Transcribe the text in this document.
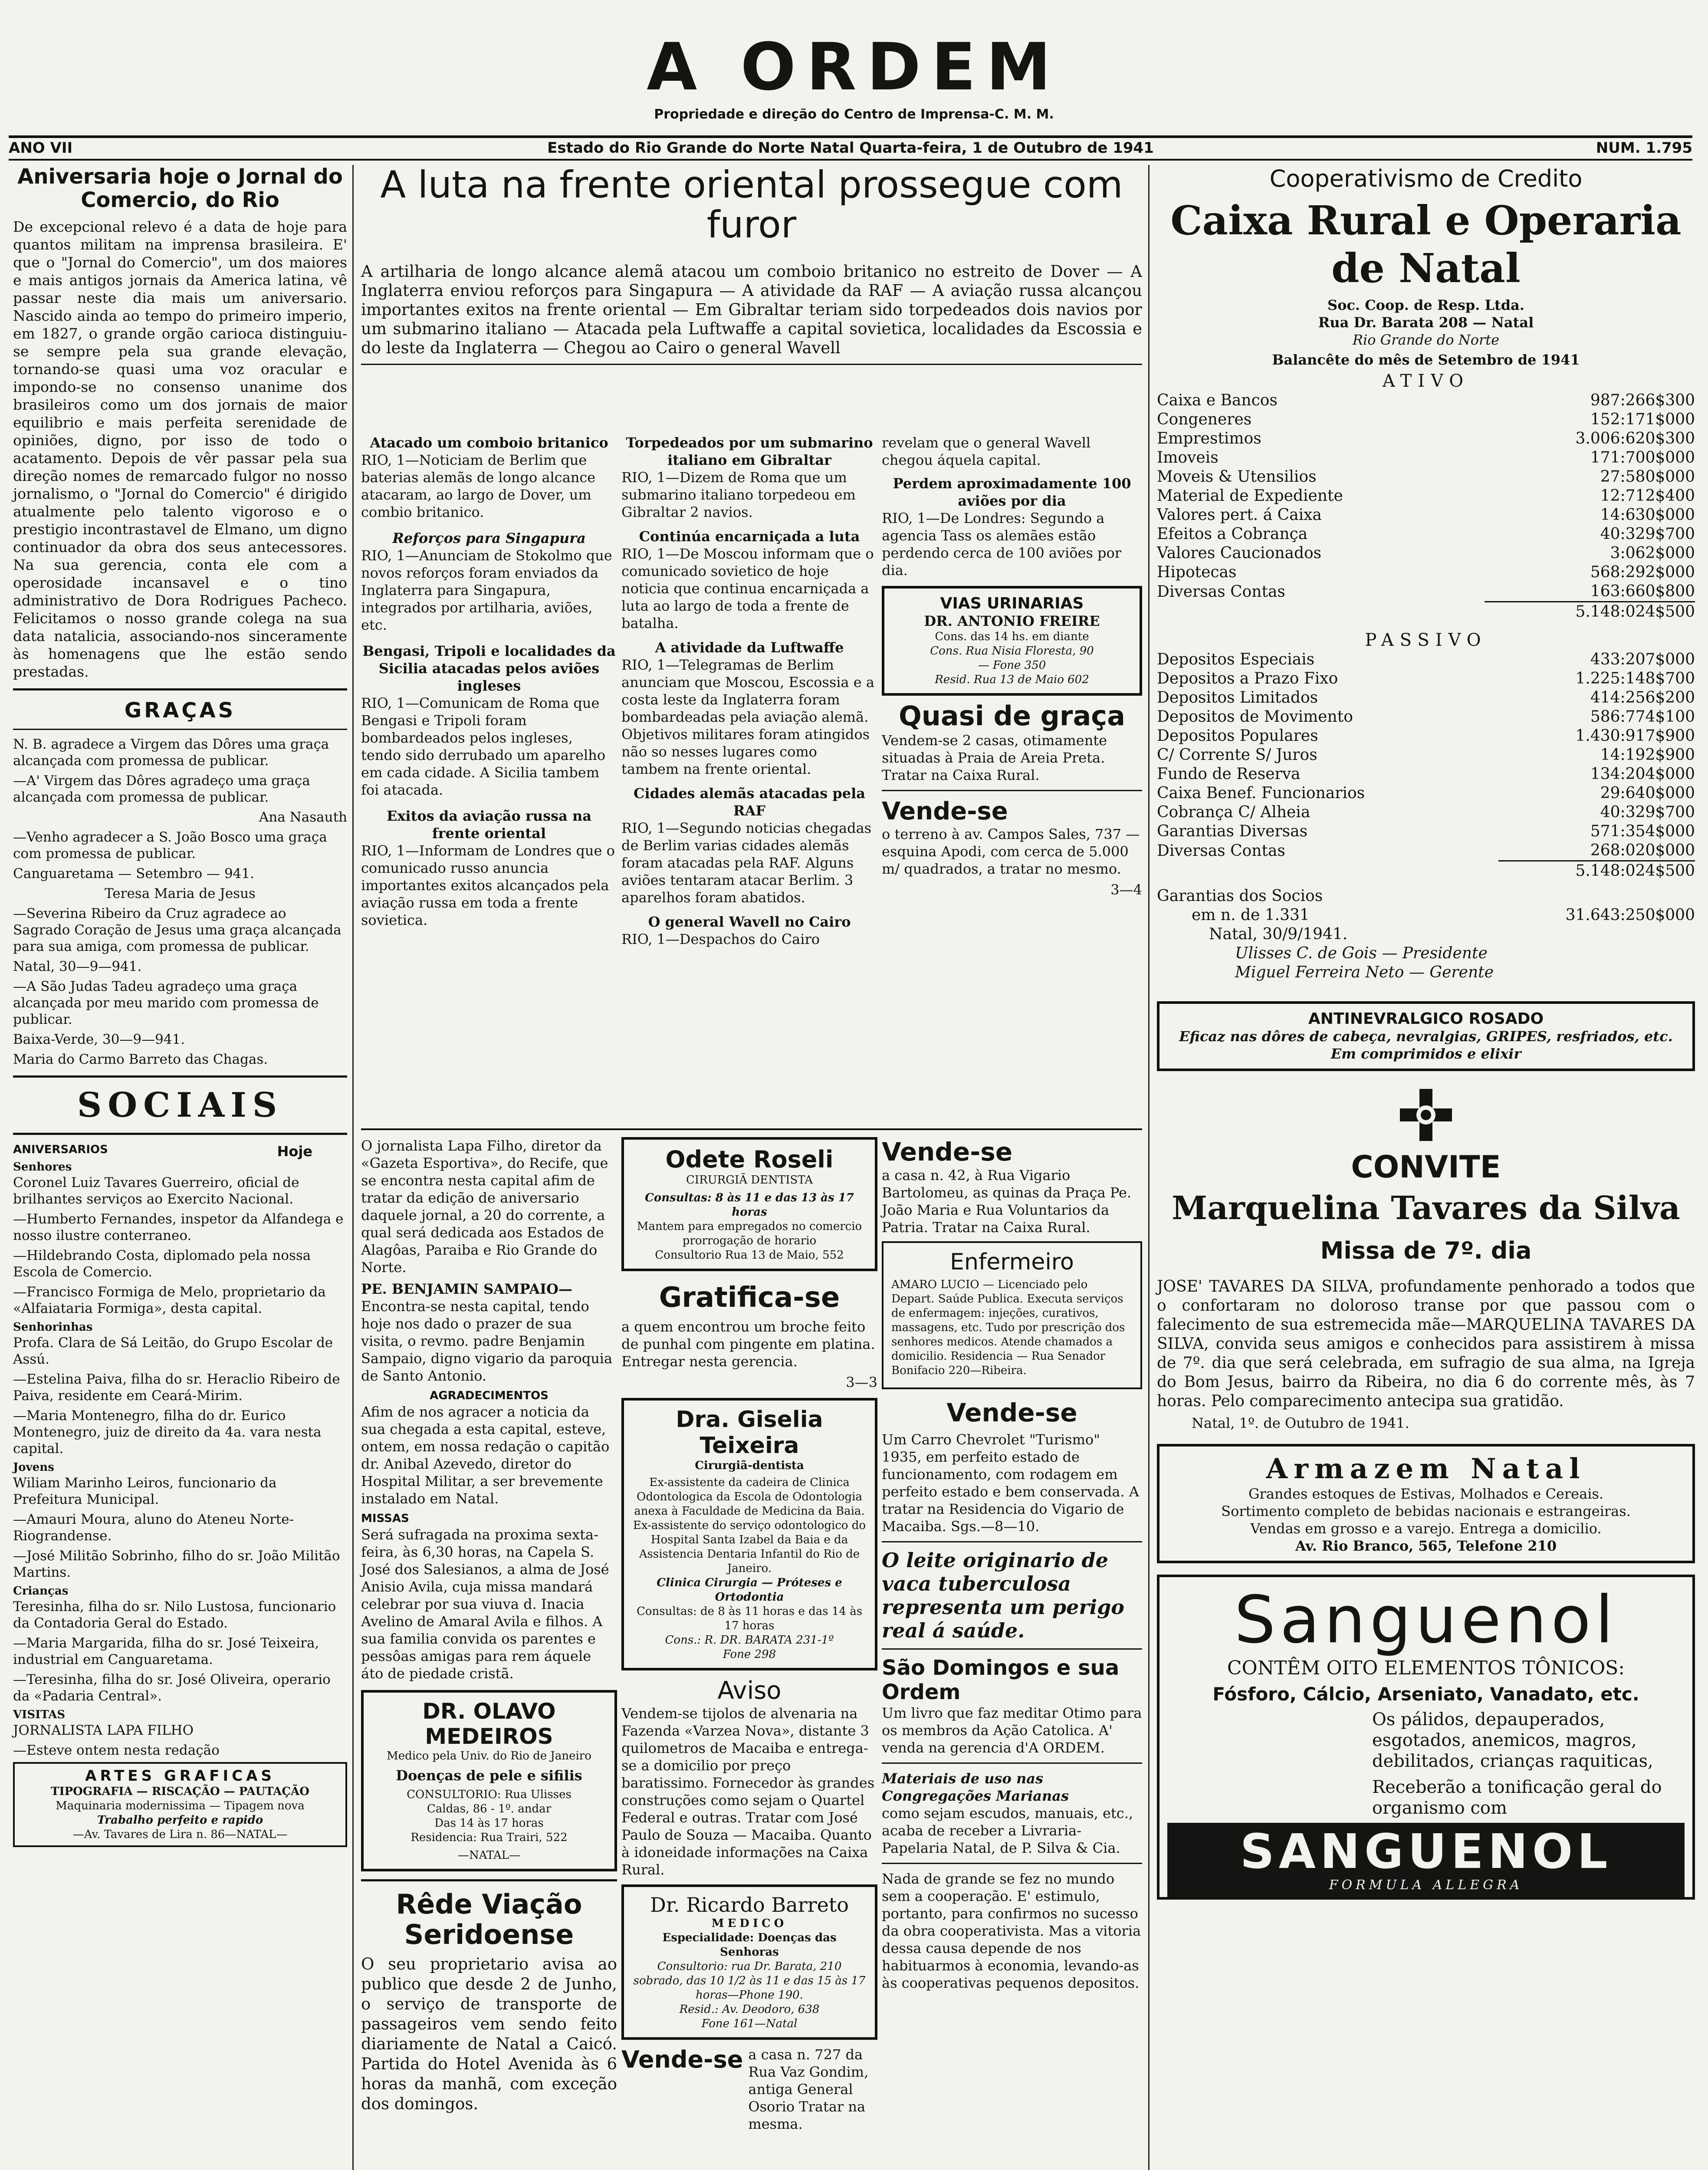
A ORDEM
Propriedade e direção do Centro de Imprensa-C. M. M.
ANO VII	Estado do Rio Grande do Norte Natal Quarta-feira, 1 de Outubro de 1941	NUM. 1.795
Aniversaria hoje o Jornal do Comercio, do Rio
De excepcional relevo é a data de hoje para quantos militam na imprensa brasileira. E' que o "Jornal do Comercio", um dos maiores e mais antigos jornais da America latina, vê passar neste dia mais um aniversario. Nascido ainda ao tempo do primeiro imperio, em 1827, o grande orgão carioca distinguiu-se sempre pela sua grande elevação, tornando-se quasi uma voz oracular e impondo-se no consenso unanime dos brasileiros como um dos jornais de maior equilibrio e mais perfeita serenidade de opiniões, digno, por isso de todo o acatamento. Depois de vêr passar pela sua direção nomes de remarcado fulgor no nosso jornalismo, o "Jornal do Comercio" é dirigido atualmente pelo talento vigoroso e o prestigio incontrastavel de Elmano, um digno continuador da obra dos seus antecessores. Na sua gerencia, conta ele com a operosidade incansavel e o tino administrativo de Dora Rodrigues Pacheco. Felicitamos o nosso grande colega na sua data natalicia, associando-nos sinceramente às homenagens que lhe estão sendo prestadas.
GRAÇAS

N. B. agradece a Virgem das Dôres uma graça alcançada com promessa de publicar.

—A' Virgem das Dôres agradeço uma graça alcançada com promessa de publicar.

Ana Nasauth

—Venho agradecer a S. João Bosco uma graça com promessa de publicar.

Canguaretama — Setembro — 941.

Teresa Maria de Jesus

—Severina Ribeiro da Cruz agradece ao Sagrado Coração de Jesus uma graça alcançada para sua amiga, com promessa de publicar.

Natal, 30—9—941.

—A São Judas Tadeu agradeço uma graça alcançada por meu marido com promessa de publicar.

Baixa-Verde, 30—9—941.

Maria do Carmo Barreto das Chagas.

SOCIAIS
ANIVERSARIOS	Hoje
Senhores

Coronel Luiz Tavares Guerreiro, oficial de brilhantes serviços ao Exercito Nacional.

—Humberto Fernandes, inspetor da Alfandega e nosso ilustre conterraneo.

—Hildebrando Costa, diplomado pela nossa Escola de Comercio.

—Francisco Formiga de Melo, proprietario da «Alfaiataria Formiga», desta capital.

Senhorinhas

Profa. Clara de Sá Leitão, do Grupo Escolar de Assú.

—Estelina Paiva, filha do sr. Heraclio Ribeiro de Paiva, residente em Ceará-Mirim.

—Maria Montenegro, filha do dr. Eurico Montenegro, juiz de direito da 4a. vara nesta capital.

Jovens

Wiliam Marinho Leiros, funcionario da Prefeitura Municipal.

—Amauri Moura, aluno do Ateneu Norte-Riograndense.

—José Militão Sobrinho, filho do sr. João Militão Martins.

Crianças

Teresinha, filha do sr. Nilo Lustosa, funcionario da Contadoria Geral do Estado.

—Maria Margarida, filha do sr. José Teixeira, industrial em Canguaretama.

—Teresinha, filha do sr. José Oliveira, operario da «Padaria Central».

VISITAS

JORNALISTA LAPA FILHO

—Esteve ontem nesta redação

ARTES GRAFICAS
TIPOGRAFIA — RISCAÇÃO — PAUTAÇÃO
Maquinaria modernissima — Tipagem nova
Trabalho perfeito e rapido
—Av. Tavares de Lira n. 86—NATAL—
A luta na frente oriental prossegue com furor
A artilharia de longo alcance alemã atacou um comboio britanico no estreito de Dover — A Inglaterra enviou reforços para Singapura — A atividade da RAF — A aviação russa alcançou importantes exitos na frente oriental — Em Gibraltar teriam sido torpedeados dois navios por um submarino italiano — Atacada pela Luftwaffe a capital sovietica, localidades da Escossia e do leste da Inglaterra — Chegou ao Cairo o general Wavell
Atacado um comboio britanico

RIO, 1—Noticiam de Berlim que baterias alemãs de longo alcance atacaram, ao largo de Dover, um combio britanico.

Reforços para Singapura

RIO, 1—Anunciam de Stokolmo que novos reforços foram enviados da Inglaterra para Singapura, integrados por artilharia, aviões, etc.

Bengasi, Tripoli e localidades da Sicilia atacadas pelos aviões ingleses

RIO, 1—Comunicam de Roma que Bengasi e Tripoli foram bombardeados pelos ingleses, tendo sido derrubado um aparelho em cada cidade. A Sicilia tambem foi atacada.

Exitos da aviação russa na frente oriental

RIO, 1—Informam de Londres que o comunicado russo anuncia importantes exitos alcançados pela aviação russa em toda a frente sovietica.

Torpedeados por um submarino italiano em Gibraltar

RIO, 1—Dizem de Roma que um submarino italiano torpedeou em Gibraltar 2 navios.

Continúa encarniçada a luta

RIO, 1—De Moscou informam que o comunicado sovietico de hoje noticia que continua encarniçada a luta ao largo de toda a frente de batalha.

A atividade da Luftwaffe

RIO, 1—Telegramas de Berlim anunciam que Moscou, Escossia e a costa leste da Inglaterra foram bombardeadas pela aviação alemã. Objetivos militares foram atingidos não so nesses lugares como tambem na frente oriental.

Cidades alemãs atacadas pela RAF

RIO, 1—Segundo noticias chegadas de Berlim varias cidades alemãs foram atacadas pela RAF. Alguns aviões tentaram atacar Berlim. 3 aparelhos foram abatidos.

O general Wavell no Cairo

RIO, 1—Despachos do Cairo

revelam que o general Wavell chegou áquela capital.

Perdem aproximadamente 100 aviões por dia

RIO, 1—De Londres: Segundo a agencia Tass os alemães estão perdendo cerca de 100 aviões por dia.

VIAS URINARIAS
DR. ANTONIO FREIRE
Cons. das 14 hs. em diante
Cons. Rua Nisia Floresta, 90
— Fone 350
Resid. Rua 13 de Maio 602
Quasi de graça

Vendem-se 2 casas, otimamente situadas à Praia de Areia Preta. Tratar na Caixa Rural.

Vende-se

o terreno à av. Campos Sales, 737 — esquina Apodi, com cerca de 5.000 m/ quadrados, a tratar no mesmo.

3—4

O jornalista Lapa Filho, diretor da «Gazeta Esportiva», do Recife, que se encontra nesta capital afim de tratar da edição de aniversario daquele jornal, a 20 do corrente, a qual será dedicada aos Estados de Alagôas, Paraiba e Rio Grande do Norte.

PE. BENJAMIN SAMPAIO—

Encontra-se nesta capital, tendo hoje nos dado o prazer de sua visita, o revmo. padre Benjamin Sampaio, digno vigario da paroquia de Santo Antonio.

AGRADECIMENTOS

Afim de nos agracer a noticia da sua chegada a esta capital, esteve, ontem, em nossa redação o capitão dr. Anibal Azevedo, diretor do Hospital Militar, a ser brevemente instalado em Natal.

MISSAS

Será sufragada na proxima sexta-feira, às 6,30 horas, na Capela S. José dos Salesianos, a alma de José Anisio Avila, cuja missa mandará celebrar por sua viuva d. Inacia Avelino de Amaral Avila e filhos. A sua familia convida os parentes e pessôas amigas para rem áquele áto de piedade cristã.

DR. OLAVO MEDEIROS
Medico pela Univ. do Rio de Janeiro
Doenças de pele e sifilis
CONSULTORIO: Rua Ulisses
Caldas, 86 - 1º. andar
Das 14 às 17 horas
Residencia: Rua Trairi, 522
—NATAL—
Rêde Viação Seridoense

O seu proprietario avisa ao publico que desde 2 de Junho, o serviço de transporte de passageiros vem sendo feito diariamente de Natal a Caicó. Partida do Hotel Avenida às 6 horas da manhã, com exceção dos domingos.

Odete Roseli
CIRURGIÃ DENTISTA
Consultas: 8 às 11 e das 13 às 17 horas
Mantem para empregados no comercio prorrogação de horario
Consultorio Rua 13 de Maio, 552
Gratifica-se

a quem encontrou um broche feito de punhal com pingente em platina. Entregar nesta gerencia.

3—3
Dra. Giselia Teixeira
Cirurgiã-dentista
Ex-assistente da cadeira de Clinica Odontologica da Escola de Odontologia anexa à Faculdade de Medicina da Baia. Ex-assistente do serviço odontologico do Hospital Santa Izabel da Baia e da Assistencia Dentaria Infantil do Rio de Janeiro.
Clinica Cirurgia — Próteses e Ortodontia
Consultas: de 8 às 11 horas e das 14 às 17 horas
Cons.: R. DR. BARATA 231-1º
Fone 298
Aviso

Vendem-se tijolos de alvenaria na Fazenda «Varzea Nova», distante 3 quilometros de Macaiba e entrega-se a domicilio por preço baratissimo. Fornecedor às grandes construções como sejam o Quartel Federal e outras. Tratar com José Paulo de Souza — Macaiba. Quanto à idoneidade informações na Caixa Rural.

Dr. Ricardo Barreto
MEDICO
Especialidade: Doenças das Senhoras
Consultorio: rua Dr. Barata, 210 sobrado, das 10 1/2 às 11 e das 15 às 17 horas—Phone 190.
Resid.: Av. Deodoro, 638
Fone 161—Natal
Vende-se a casa n. 727 da Rua Vaz Gondim, antiga General Osorio Tratar na mesma.
Vende-se

a casa n. 42, à Rua Vigario Bartolomeu, as quinas da Praça Pe. João Maria e Rua Voluntarios da Patria. Tratar na Caixa Rural.

Enfermeiro

AMARO LUCIO — Licenciado pelo Depart. Saúde Publica. Executa serviços de enfermagem: injeções, curativos, massagens, etc. Tudo por prescrição dos senhores medicos. Atende chamados a domicilio. Residencia — Rua Senador Bonifacio 220—Ribeira.

Vende-se

Um Carro Chevrolet "Turismo" 1935, em perfeito estado de funcionamento, com rodagem em perfeito estado e bem conservada. A tratar na Residencia do Vigario de Macaiba. Sgs.—8—10.

O leite originario de vaca tuberculosa representa um perigo real á saúde.

São Domingos e sua Ordem

Um livro que faz meditar Otimo para os membros da Ação Catolica. A' venda na gerencia d'A ORDEM.

Materiais de uso nas Congregações Marianas

como sejam escudos, manuais, etc., acaba de receber a Livraria-Papelaria Natal, de P. Silva & Cia.

Nada de grande se fez no mundo sem a cooperação. E' estimulo, portanto, para confirmos no sucesso da obra cooperativista. Mas a vitoria dessa causa depende de nos habituarmos à economia, levando-as às cooperativas pequenos depositos.

Cooperativismo de Credito
Caixa Rural e Operaria de Natal
Soc. Coop. de Resp. Ltda.
Rua Dr. Barata 208 — Natal
Rio Grande do Norte
Balancête do mês de Setembro de 1941
ATIVO
Caixa e Bancos	987:266$300
Congeneres	152:171$000
Emprestimos	3.006:620$300
Imoveis	171:700$000
Moveis & Utensilios	27:580$000
Material de Expediente	12:712$400
Valores pert. á Caixa	14:630$000
Efeitos a Cobrança	40:329$700
Valores Caucionados	3:062$000
Hipotecas	568:292$000
Diversas Contas	163:660$800
	5.148:024$500
PASSIVO
Depositos Especiais	433:207$000
Depositos a Prazo Fixo	1.225:148$700
Depositos Limitados	414:256$200
Depositos de Movimento	586:774$100
Depositos Populares	1.430:917$900
C/ Corrente S/ Juros	14:192$900
Fundo de Reserva	134:204$000
Caixa Benef. Funcionarios	29:640$000
Cobrança C/ Alheia	40:329$700
Garantias Diversas	571:354$000
Diversas Contas	268:020$000
	5.148:024$500
Garantias dos Socios
em n. de 1.331	31.643:250$000
Natal, 30/9/1941.
Ulisses C. de Gois — Presidente
Miguel Ferreira Neto — Gerente
ANTINEVRALGICO ROSADO
Eficaz nas dôres de cabeça, nevralgias, GRIPES, resfriados, etc.
Em comprimidos e elixir
CONVITE
Marquelina Tavares da Silva
Missa de 7º. dia

JOSE' TAVARES DA SILVA, profundamente penhorado a todos que o confortaram no doloroso transe por que passou com o falecimento de sua estremecida mãe—MARQUELINA TAVARES DA SILVA, convida seus amigos e conhecidos para assistirem à missa de 7º. dia que será celebrada, em sufragio de sua alma, na Igreja do Bom Jesus, bairro da Ribeira, no dia 6 do corrente mês, às 7 horas. Pelo comparecimento antecipa sua gratidão.

Natal, 1º. de Outubro de 1941.

Armazem Natal
Grandes estoques de Estivas, Molhados e Cereais.
Sortimento completo de bebidas nacionais e estrangeiras.
Vendas em grosso e a varejo. Entrega a domicilio.
Av. Rio Branco, 565, Telefone 210
Sanguenol
CONTÊM OITO ELEMENTOS TÔNICOS:
Fósforo, Cálcio, Arseniato, Vanadato, etc.
Os pálidos, depauperados, esgotados, anemicos, magros, debilitados, crianças raquiticas,
Receberão a tonificação geral do organismo com
SANGUENOL
FORMULA ALLEGRA
